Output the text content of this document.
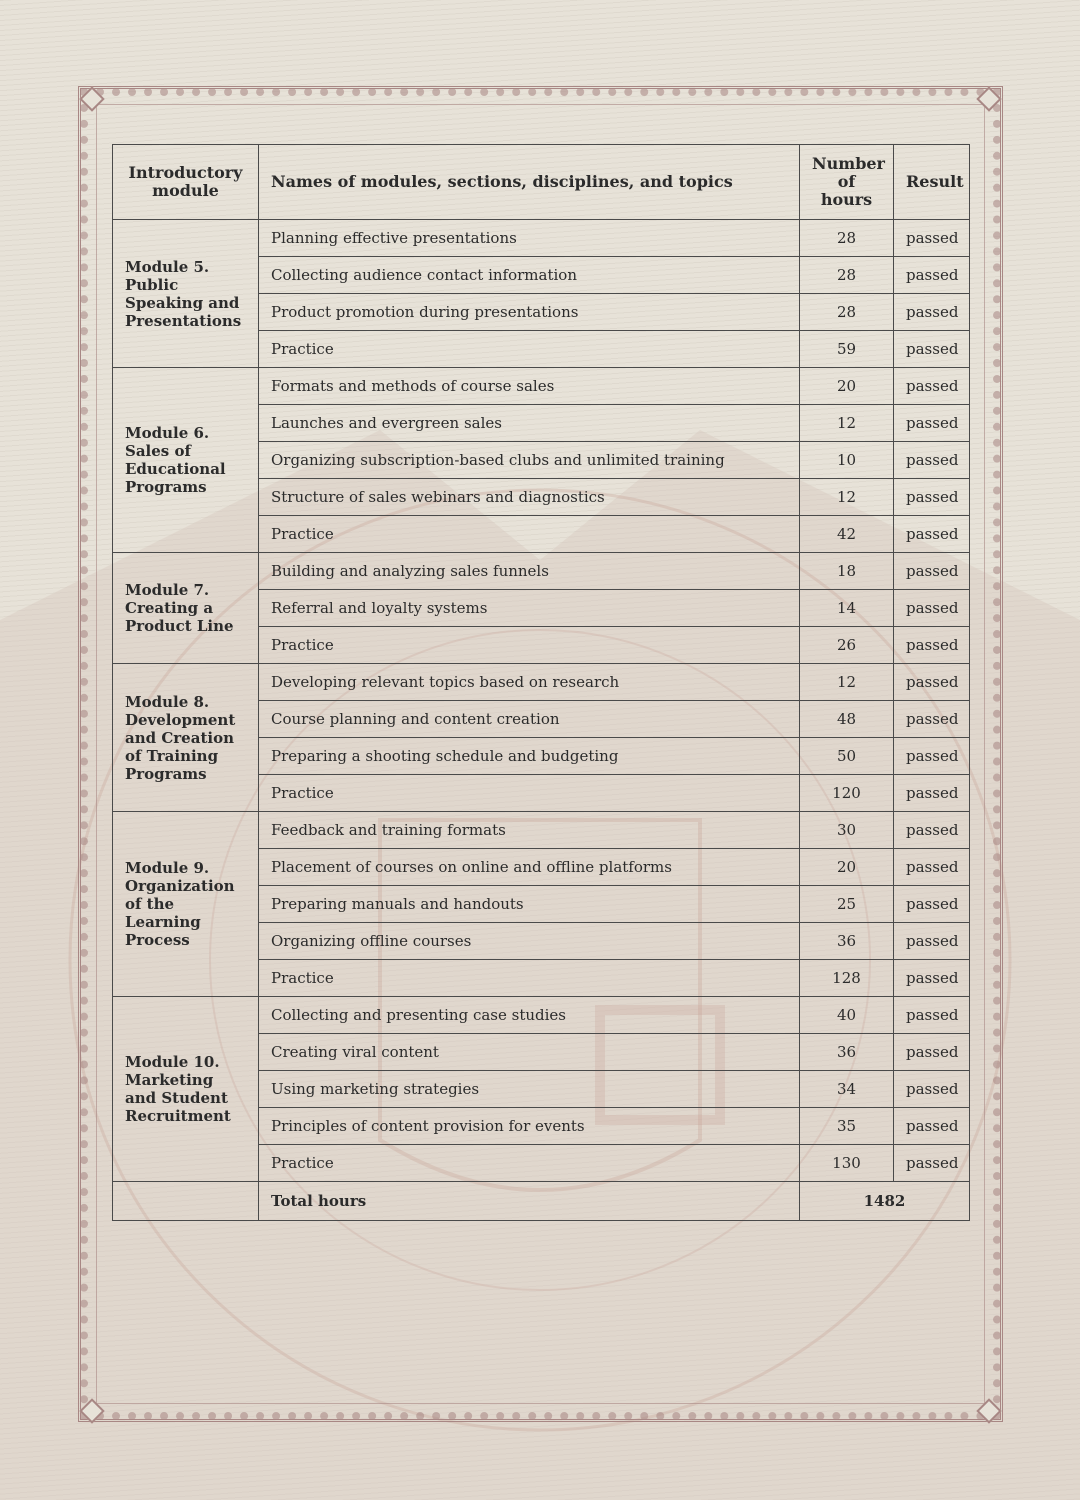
Introductory module	Names of modules, sections, disciplines, and topics	Number of hours	Result
Module 5. Public Speaking and Presentations	Planning effective presentations	28	passed
	Collecting audience contact information	28	passed
	Product promotion during presentations	28	passed
	Practice	59	passed
Module 6. Sales of Educational Programs	Formats and methods of course sales	20	passed
	Launches and evergreen sales	12	passed
	Organizing subscription-based clubs and unlimited training	10	passed
	Structure of sales webinars and diagnostics	12	passed
	Practice	42	passed
Module 7. Creating a Product Line	Building and analyzing sales funnels	18	passed
	Referral and loyalty systems	14	passed
	Practice	26	passed
Module 8. Development and Creation of Training Programs	Developing relevant topics based on research	12	passed
	Course planning and content creation	48	passed
	Preparing a shooting schedule and budgeting	50	passed
	Practice	120	passed
Module 9. Organization of the Learning Process	Feedback and training formats	30	passed
	Placement of courses on online and offline platforms	20	passed
	Preparing manuals and handouts	25	passed
	Organizing offline courses	36	passed
	Practice	128	passed
Module 10. Marketing and Student Recruitment	Collecting and presenting case studies	40	passed
	Creating viral content	36	passed
	Using marketing strategies	34	passed
	Principles of content provision for events	35	passed
	Practice	130	passed
	Total hours	1482	
